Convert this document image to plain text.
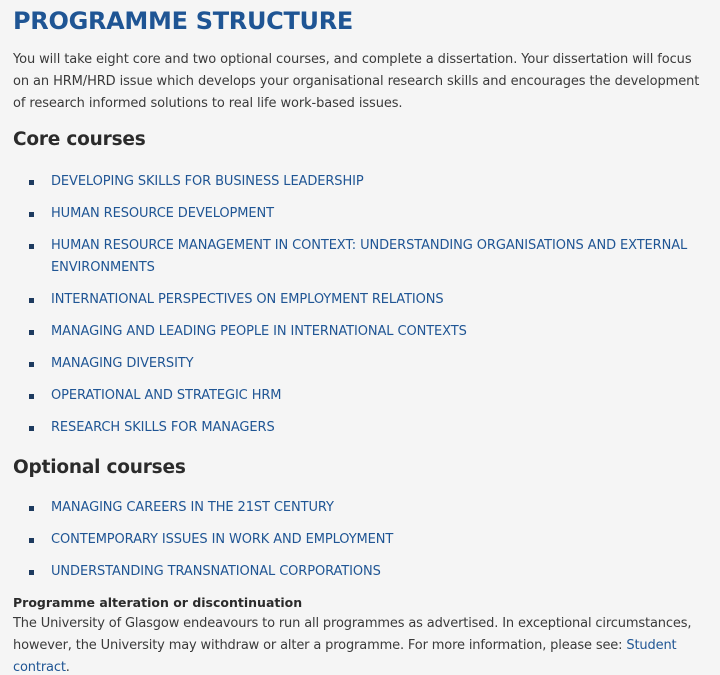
PROGRAMME STRUCTURE

You will take eight core and two optional courses, and complete a dissertation. Your dissertation will focus on an HRM/HRD issue which develops your organisational research skills and encourages the development of research informed solutions to real life work-based issues.

Core courses
DEVELOPING SKILLS FOR BUSINESS LEADERSHIP
HUMAN RESOURCE DEVELOPMENT
HUMAN RESOURCE MANAGEMENT IN CONTEXT: UNDERSTANDING ORGANISATIONS AND EXTERNAL ENVIRONMENTS
INTERNATIONAL PERSPECTIVES ON EMPLOYMENT RELATIONS
MANAGING AND LEADING PEOPLE IN INTERNATIONAL CONTEXTS
MANAGING DIVERSITY
OPERATIONAL AND STRATEGIC HRM
RESEARCH SKILLS FOR MANAGERS
Optional courses
MANAGING CAREERS IN THE 21ST CENTURY
CONTEMPORARY ISSUES IN WORK AND EMPLOYMENT
UNDERSTANDING TRANSNATIONAL CORPORATIONS
Programme alteration or discontinuation

The University of Glasgow endeavours to run all programmes as advertised. In exceptional circumstances, however, the University may withdraw or alter a programme. For more information, please see: Student contract.
